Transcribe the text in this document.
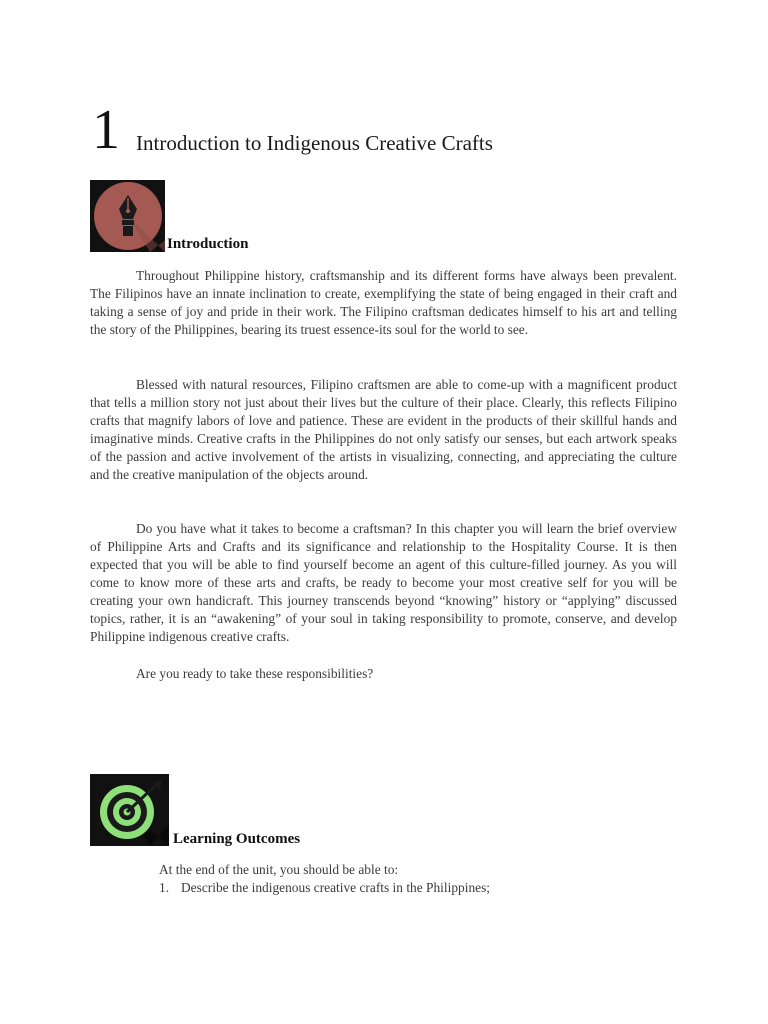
1 Introduction to Indigenous Creative Crafts
Introduction

Throughout Philippine history, craftsmanship and its different forms have always been prevalent. The Filipinos have an innate inclination to create, exemplifying the state of being engaged in their craft and taking a sense of joy and pride in their work. The Filipino craftsman dedicates himself to his art and telling the story of the Philippines, bearing its truest essence-its soul for the world to see.

Blessed with natural resources, Filipino craftsmen are able to come-up with a magnificent product that tells a million story not just about their lives but the culture of their place. Clearly, this reflects Filipino crafts that magnify labors of love and patience. These are evident in the products of their skillful hands and imaginative minds. Creative crafts in the Philippines do not only satisfy our senses, but each artwork speaks of the passion and active involvement of the artists in visualizing, connecting, and appreciating the culture and the creative manipulation of the objects around.

Do you have what it takes to become a craftsman? In this chapter you will learn the brief overview of Philippine Arts and Crafts and its significance and relationship to the Hospitality Course. It is then expected that you will be able to find yourself become an agent of this culture-filled journey. As you will come to know more of these arts and crafts, be ready to become your most creative self for you will be creating your own handicraft. This journey transcends beyond “knowing” history or “applying” discussed topics, rather, it is an “awakening” of your soul in taking responsibility to promote, conserve, and develop Philippine indigenous creative crafts.

Are you ready to take these responsibilities?

Learning Outcomes
At the end of the unit, you should be able to:
1. Describe the indigenous creative crafts in the Philippines;
